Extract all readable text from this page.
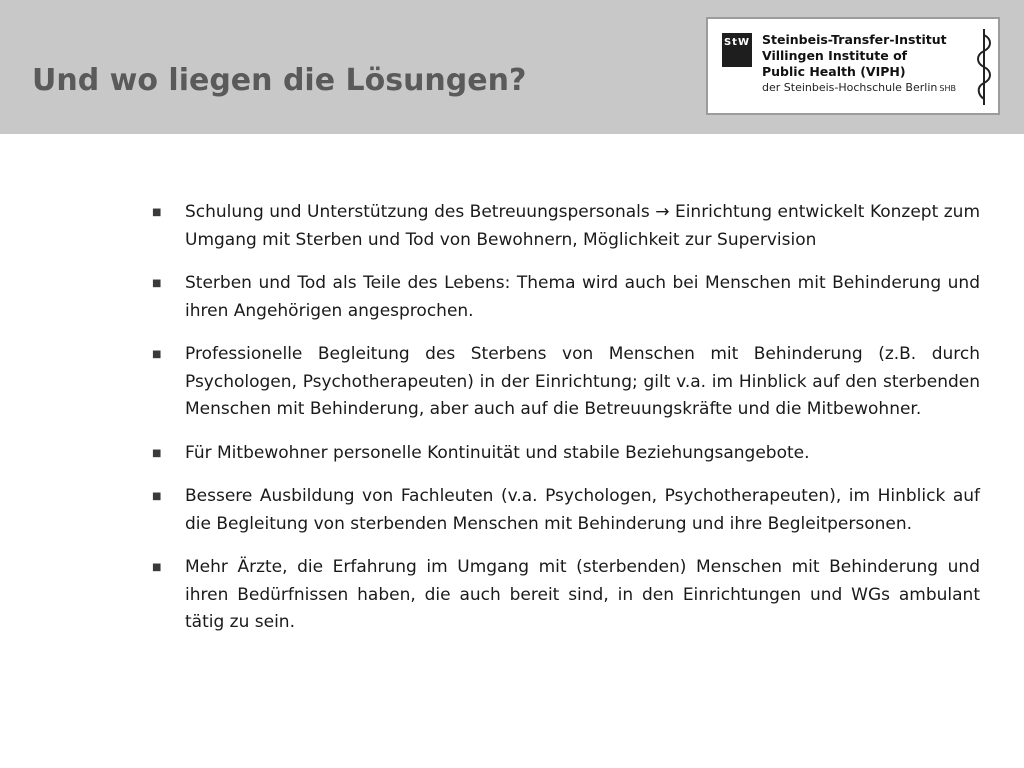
Und wo liegen die Lösungen?
StW Steinbeis-Transfer-Institut
Villingen Institute of
Public Health (VIPH)
der Steinbeis-Hochschule Berlin SHB
■	Schulung und Unterstützung des Betreuungspersonals → Einrichtung entwickelt Konzept zum Umgang mit Sterben und Tod von Bewohnern, Möglichkeit zur Supervision
■	Sterben und Tod als Teile des Lebens: Thema wird auch bei Menschen mit Behinderung und ihren Angehörigen angesprochen.
■	Professionelle Begleitung des Sterbens von Menschen mit Behinderung (z.B. durch Psychologen, Psychotherapeuten) in der Einrichtung; gilt v.a. im Hinblick auf den sterbenden Menschen mit Behinderung, aber auch auf die Betreuungskräfte und die Mitbewohner.
■	Für Mitbewohner personelle Kontinuität und stabile Beziehungsangebote.
■	Bessere Ausbildung von Fachleuten (v.a. Psychologen, Psychotherapeuten), im Hinblick auf die Begleitung von sterbenden Menschen mit Behinderung und ihre Begleitpersonen.
■	Mehr Ärzte, die Erfahrung im Umgang mit (sterbenden) Menschen mit Behinderung und ihren Bedürfnissen haben, die auch bereit sind, in den Einrichtungen und WGs ambulant tätig zu sein.
